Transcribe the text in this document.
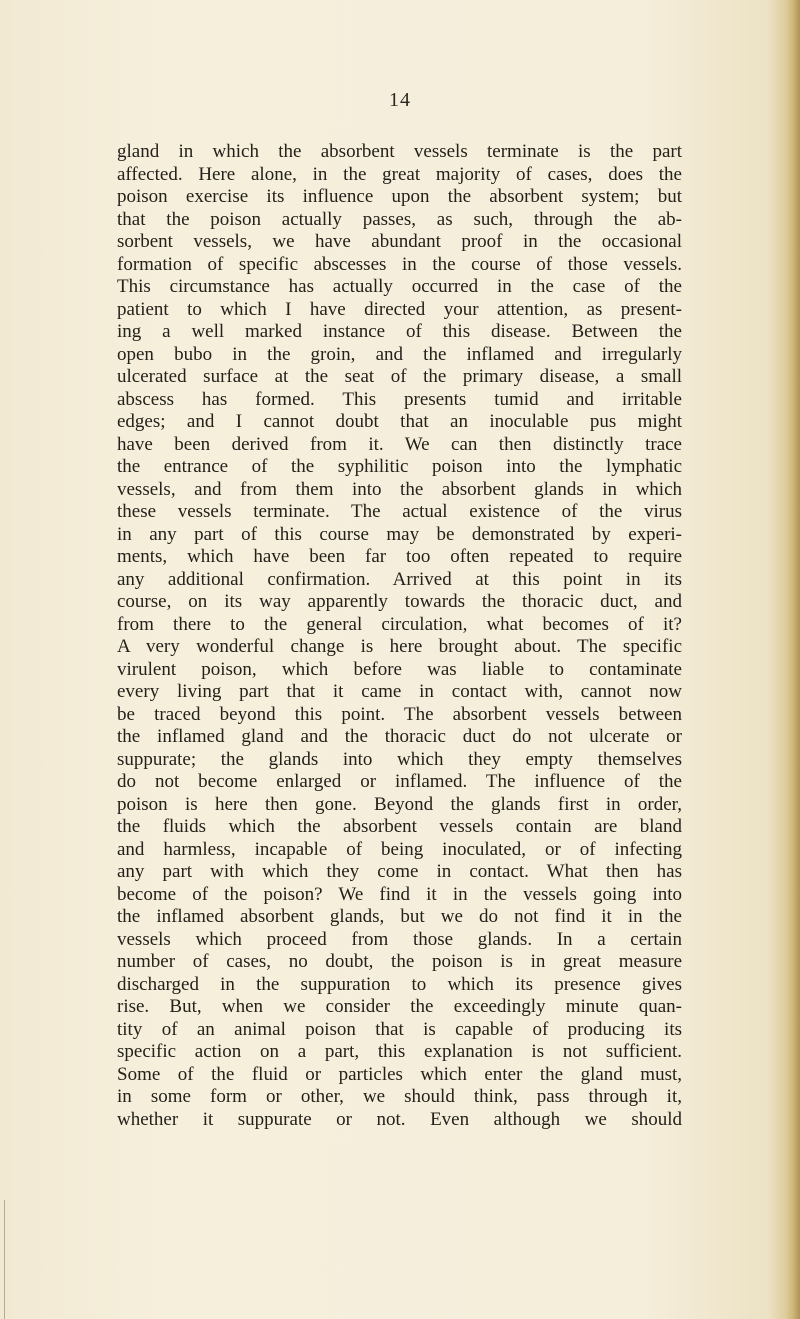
14
gland in which the absorbent vessels terminate is the part
affected. Here alone, in the great majority of cases, does the
poison exercise its influence upon the absorbent system; but
that the poison actually passes, as such, through the ab-
sorbent vessels, we have abundant proof in the occasional
formation of specific abscesses in the course of those vessels.
This circumstance has actually occurred in the case of the
patient to which I have directed your attention, as present-
ing a well marked instance of this disease. Between the
open bubo in the groin, and the inflamed and irregularly
ulcerated surface at the seat of the primary disease, a small
abscess has formed. This presents tumid and irritable
edges; and I cannot doubt that an inoculable pus might
have been derived from it. We can then distinctly trace
the entrance of the syphilitic poison into the lymphatic
vessels, and from them into the absorbent glands in which
these vessels terminate. The actual existence of the virus
in any part of this course may be demonstrated by experi-
ments, which have been far too often repeated to require
any additional confirmation. Arrived at this point in its
course, on its way apparently towards the thoracic duct, and
from there to the general circulation, what becomes of it?
A very wonderful change is here brought about. The specific
virulent poison, which before was liable to contaminate
every living part that it came in contact with, cannot now
be traced beyond this point. The absorbent vessels between
the inflamed gland and the thoracic duct do not ulcerate or
suppurate; the glands into which they empty themselves
do not become enlarged or inflamed. The influence of the
poison is here then gone. Beyond the glands first in order,
the fluids which the absorbent vessels contain are bland
and harmless, incapable of being inoculated, or of infecting
any part with which they come in contact. What then has
become of the poison? We find it in the vessels going into
the inflamed absorbent glands, but we do not find it in the
vessels which proceed from those glands. In a certain
number of cases, no doubt, the poison is in great measure
discharged in the suppuration to which its presence gives
rise. But, when we consider the exceedingly minute quan-
tity of an animal poison that is capable of producing its
specific action on a part, this explanation is not sufficient.
Some of the fluid or particles which enter the gland must,
in some form or other, we should think, pass through it,
whether it suppurate or not. Even although we should
